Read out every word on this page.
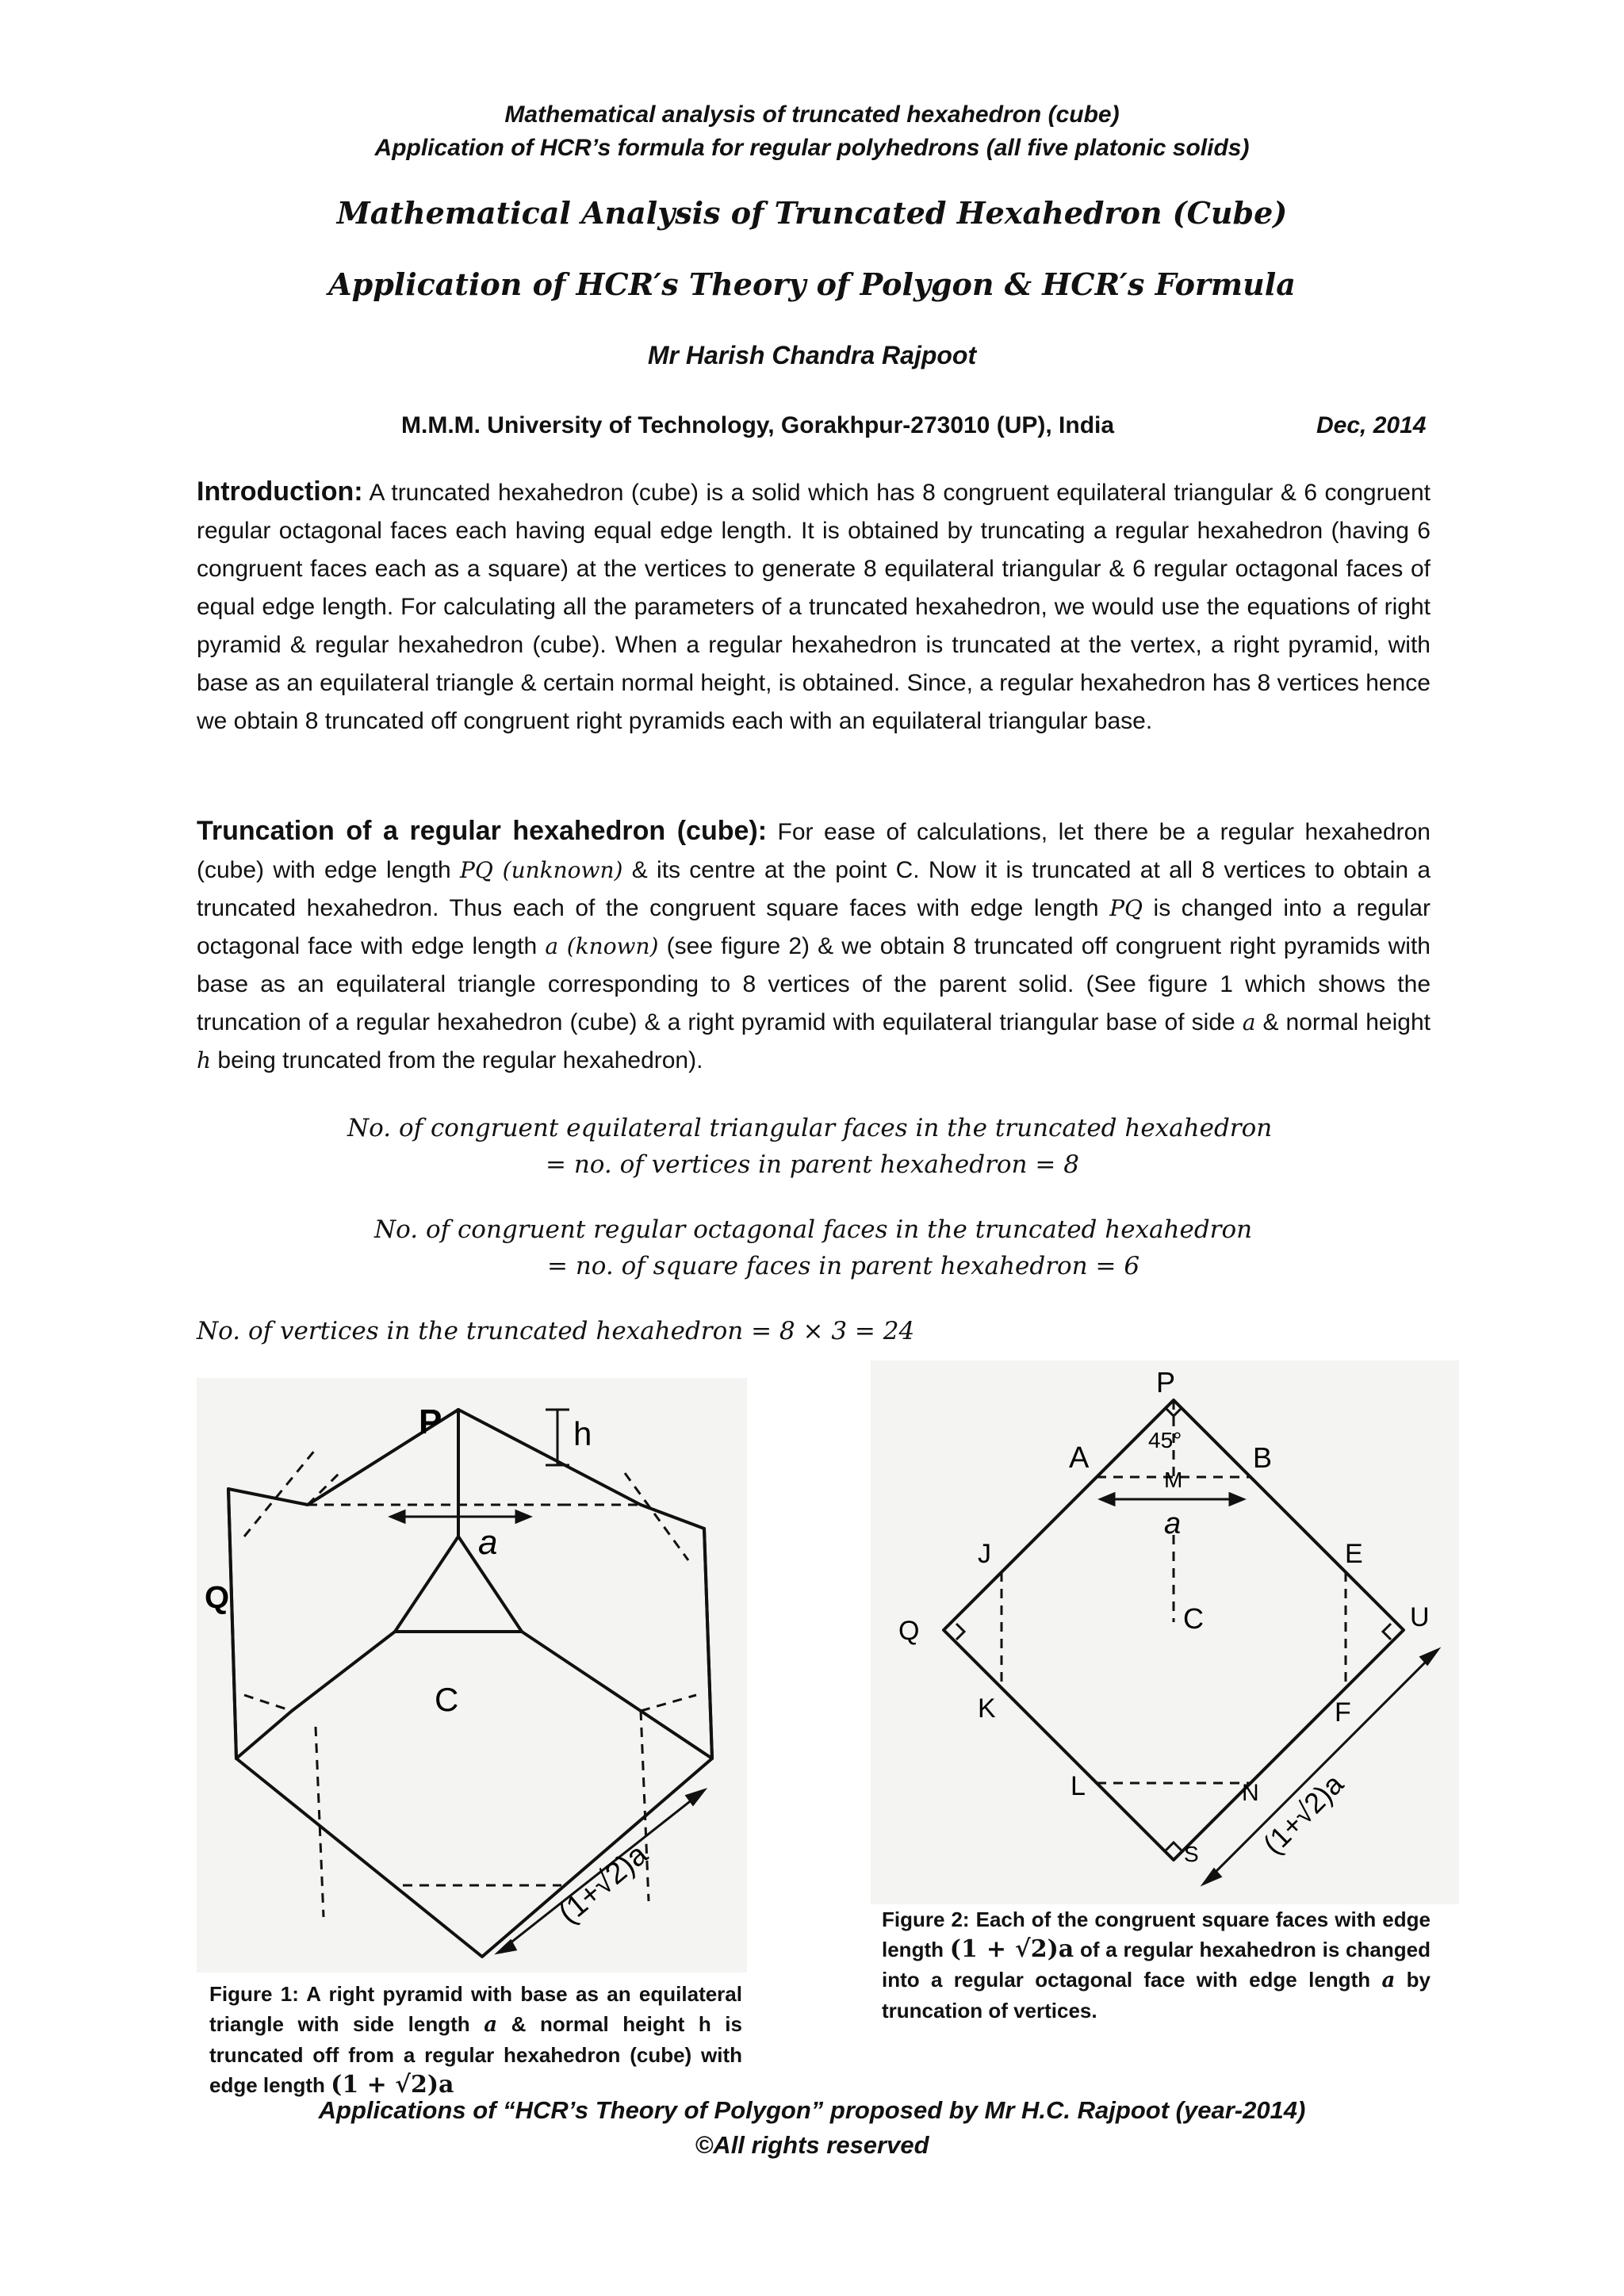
Mathematical analysis of truncated hexahedron (cube)
Application of HCR’s formula for regular polyhedrons (all five platonic solids)
Mathematical Analysis of Truncated Hexahedron (Cube)
Application of HCR′s Theory of Polygon & HCR′s Formula
Mr Harish Chandra Rajpoot
M.M.M. University of Technology, Gorakhpur-273010 (UP), India	Dec, 2014
Introduction: A truncated hexahedron (cube) is a solid which has 8 congruent equilateral triangular & 6 congruent regular octagonal faces each having equal edge length. It is obtained by truncating a regular hexahedron (having 6 congruent faces each as a square) at the vertices to generate 8 equilateral triangular & 6 regular octagonal faces of equal edge length. For calculating all the parameters of a truncated hexahedron, we would use the equations of right pyramid & regular hexahedron (cube). When a regular hexahedron is truncated at the vertex, a right pyramid, with base as an equilateral triangle & certain normal height, is obtained. Since, a regular hexahedron has 8 vertices hence we obtain 8 truncated off congruent right pyramids each with an equilateral triangular base.
Truncation of a regular hexahedron (cube): For ease of calculations, let there be a regular hexahedron (cube) with edge length PQ (unknown) & its centre at the point C. Now it is truncated at all 8 vertices to obtain a truncated hexahedron. Thus each of the congruent square faces with edge length PQ is changed into a regular octagonal face with edge length a (known) (see figure 2) & we obtain 8 truncated off congruent right pyramids with base as an equilateral triangle corresponding to 8 vertices of the parent solid. (See figure 1 which shows the truncation of a regular hexahedron (cube) & a right pyramid with equilateral triangular base of side a & normal height h being truncated from the regular hexahedron).
No. of congruent equilateral triangular faces in the truncated hexahedron
= no. of vertices in parent hexahedron = 8
No. of congruent regular octagonal faces in the truncated hexahedron
= no. of square faces in parent hexahedron = 6
No. of vertices in the truncated hexahedron = 8 × 3 = 24
P
Q
C
h
a
(1+√2)a
Figure 1: A right pyramid with base as an equilateral triangle with side length a & normal height h is truncated off from a regular hexahedron (cube) with edge length (1 + √2)a
P
45°
A	B
M
a
J	E
Q	U
C
K	F
L	N
S (1+√2)a
Figure 2: Each of the congruent square faces with edge length (1 + √2)a of a regular hexahedron is changed into a regular octagonal face with edge length a by truncation of vertices.
Applications of “HCR’s Theory of Polygon” proposed by Mr H.C. Rajpoot (year-2014)
©All rights reserved
